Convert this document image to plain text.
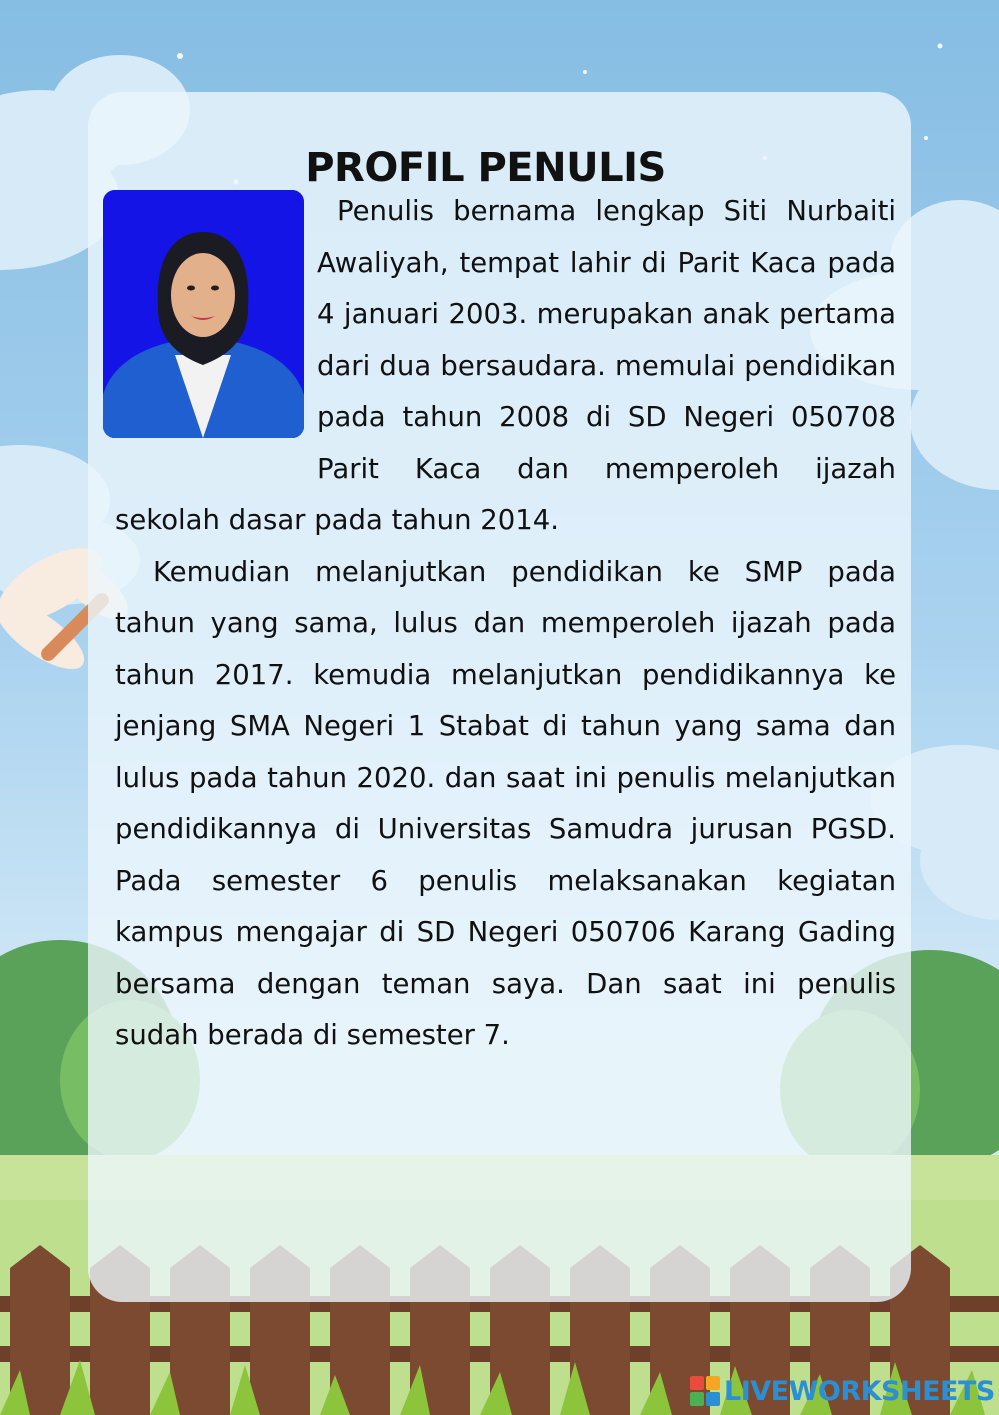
PROFIL PENULIS

Penulis bernama lengkap Siti Nurbaiti Awaliyah, tempat lahir di Parit Kaca pada 4 januari 2003. merupakan anak pertama dari dua bersaudara. memulai pendidikan pada tahun 2008 di SD Negeri 050708 Parit Kaca dan memperoleh ijazah sekolah dasar pada tahun 2014.

Kemudian melanjutkan pendidikan ke SMP pada tahun yang sama, lulus dan memperoleh ijazah pada tahun 2017. kemudia melanjutkan pendidikannya ke jenjang SMA Negeri 1 Stabat di tahun yang sama dan lulus pada tahun 2020. dan saat ini penulis melanjutkan pendidikannya di Universitas Samudra jurusan PGSD. Pada semester 6 penulis melaksanakan kegiatan kampus mengajar di SD Negeri 050706 Karang Gading bersama dengan teman saya. Dan saat ini penulis sudah berada di semester 7.

LIVEWORKSHEETS
